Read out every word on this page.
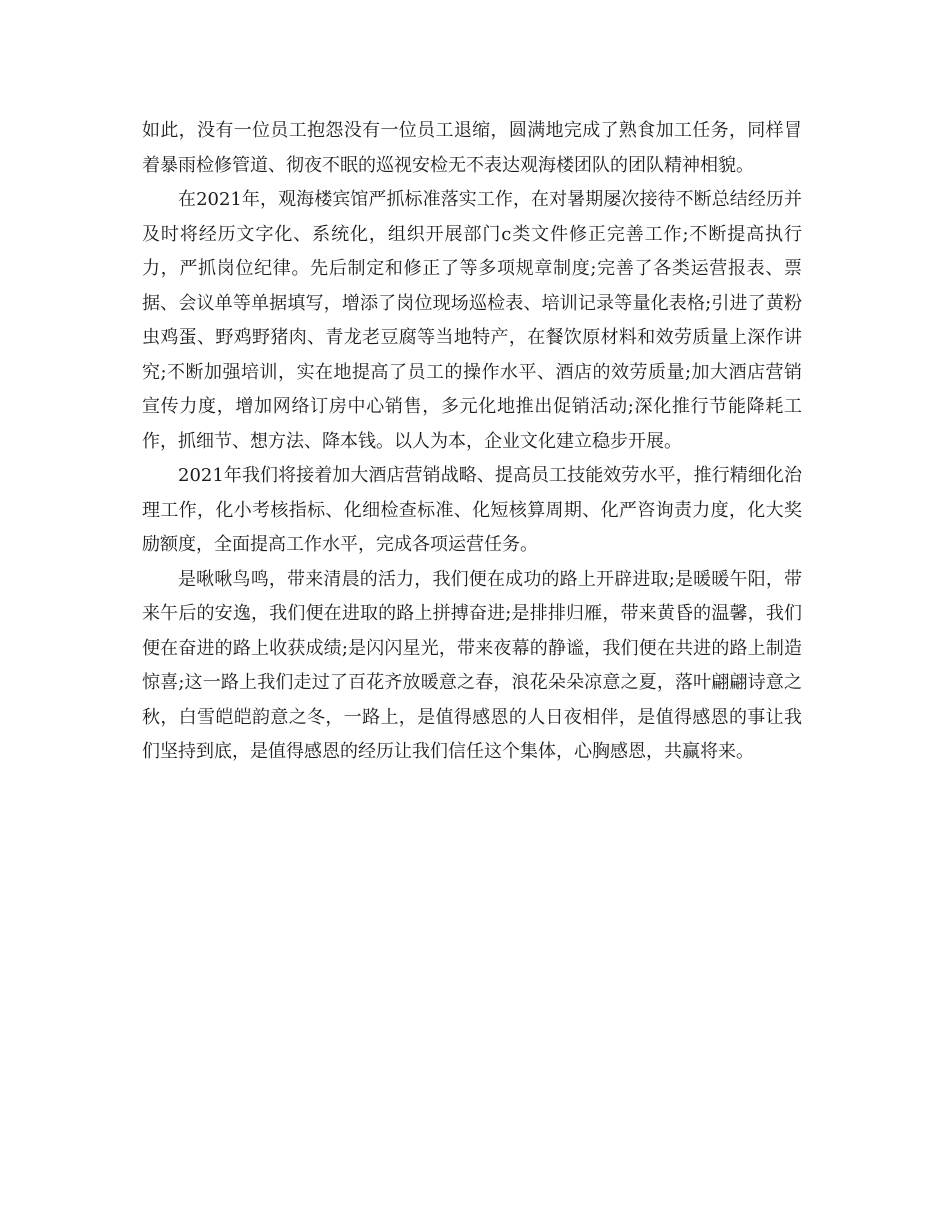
如此，没有一位员工抱怨没有一位员工退缩，圆满地完成了熟食加工任务，同样冒着暴雨检修管道、彻夜不眠的巡视安检无不表达观海楼团队的团队精神相貌。

在2021年，观海楼宾馆严抓标准落实工作，在对暑期屡次接待不断总结经历并及时将经历文字化、系统化，组织开展部门c类文件修正完善工作;不断提高执行力，严抓岗位纪律。先后制定和修正了等多项规章制度;完善了各类运营报表、票据、会议单等单据填写，增添了岗位现场巡检表、培训记录等量化表格;引进了黄粉虫鸡蛋、野鸡野猪肉、青龙老豆腐等当地特产，在餐饮原材料和效劳质量上深作讲究;不断加强培训，实在地提高了员工的操作水平、酒店的效劳质量;加大酒店营销宣传力度，增加网络订房中心销售，多元化地推出促销活动;深化推行节能降耗工作，抓细节、想方法、降本钱。以人为本，企业文化建立稳步开展。

2021年我们将接着加大酒店营销战略、提高员工技能效劳水平，推行精细化治理工作，化小考核指标、化细检查标准、化短核算周期、化严咨询责力度，化大奖励额度，全面提高工作水平，完成各项运营任务。

是啾啾鸟鸣，带来清晨的活力，我们便在成功的路上开辟进取;是暖暖午阳，带来午后的安逸，我们便在进取的路上拼搏奋进;是排排归雁，带来黄昏的温馨，我们便在奋进的路上收获成绩;是闪闪星光，带来夜幕的静谧，我们便在共进的路上制造惊喜;这一路上我们走过了百花齐放暖意之春，浪花朵朵凉意之夏，落叶翩翩诗意之秋，白雪皑皑韵意之冬，一路上，是值得感恩的人日夜相伴，是值得感恩的事让我们坚持到底，是值得感恩的经历让我们信任这个集体，心胸感恩，共赢将来。
